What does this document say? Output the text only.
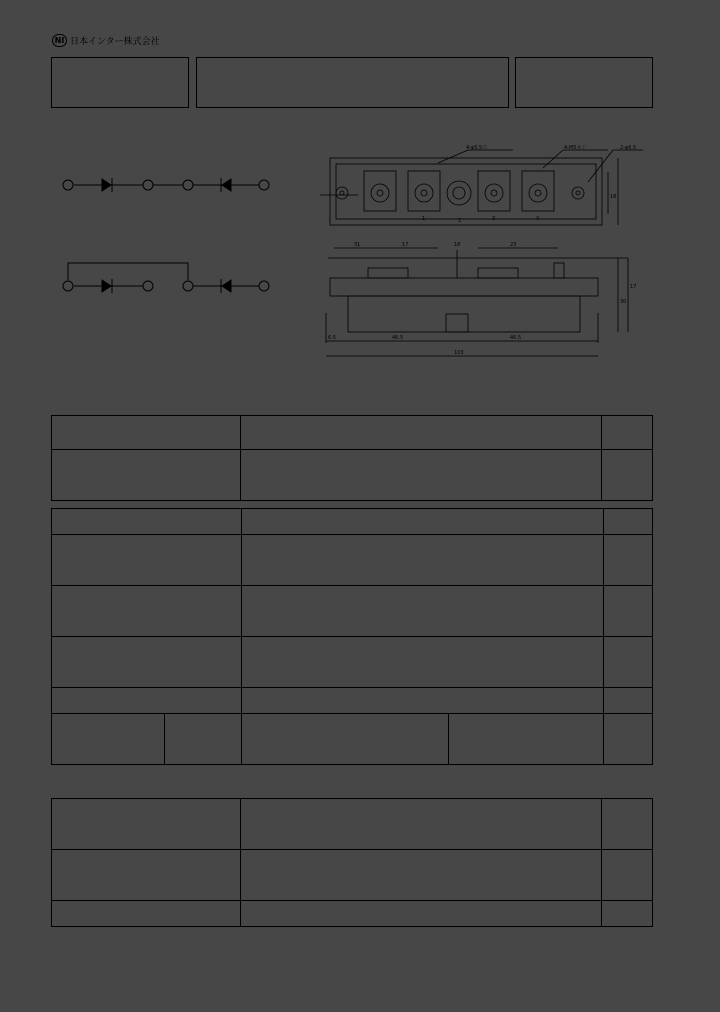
NI 日本インター株式会社
4-φ5.5穴	4-M5ネジ	2-φ6.5
1	2	3	4
31	17	18	23
6.5	46.5	46.5
103
18
30
17
